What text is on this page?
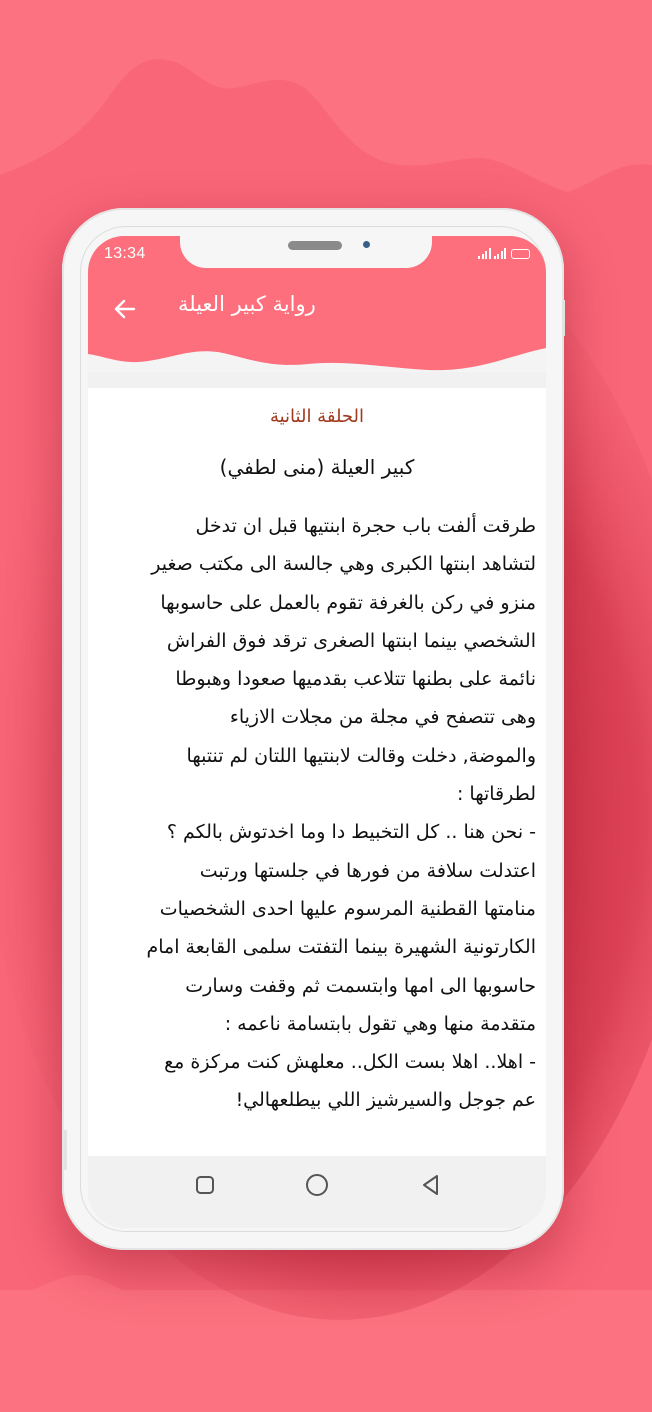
13:34
رواية كبير العيلة
الحلقة الثانية
كبير العيلة (منى لطفي)
طرقت ألفت باب حجرة ابنتيها قبل ان تدخل
لتشاهد ابنتها الكبرى وهي جالسة الى مكتب صغير
منزو في ركن بالغرفة تقوم بالعمل على حاسوبها
الشخصي بينما ابنتها الصغرى ترقد فوق الفراش
نائمة على بطنها تتلاعب بقدميها صعودا وهبوطا
وهى تتصفح في مجلة من مجلات الازياء
والموضة, دخلت وقالت لابنتيها اللتان لم تنتبها
لطرقاتها :
- نحن هنا .. كل التخبيط دا وما اخدتوش بالكم ؟
اعتدلت سلافة من فورها في جلستها ورتبت
منامتها القطنية المرسوم عليها احدى الشخصيات
الكارتونية الشهيرة بينما التفتت سلمى القابعة امام
حاسوبها الى امها وابتسمت ثم وقفت وسارت
متقدمة منها وهي تقول بابتسامة ناعمه :
- اهلا.. اهلا بست الكل.. معلهش كنت مركزة مع
عم جوجل والسيرشيز اللي بيطلعهالي!
